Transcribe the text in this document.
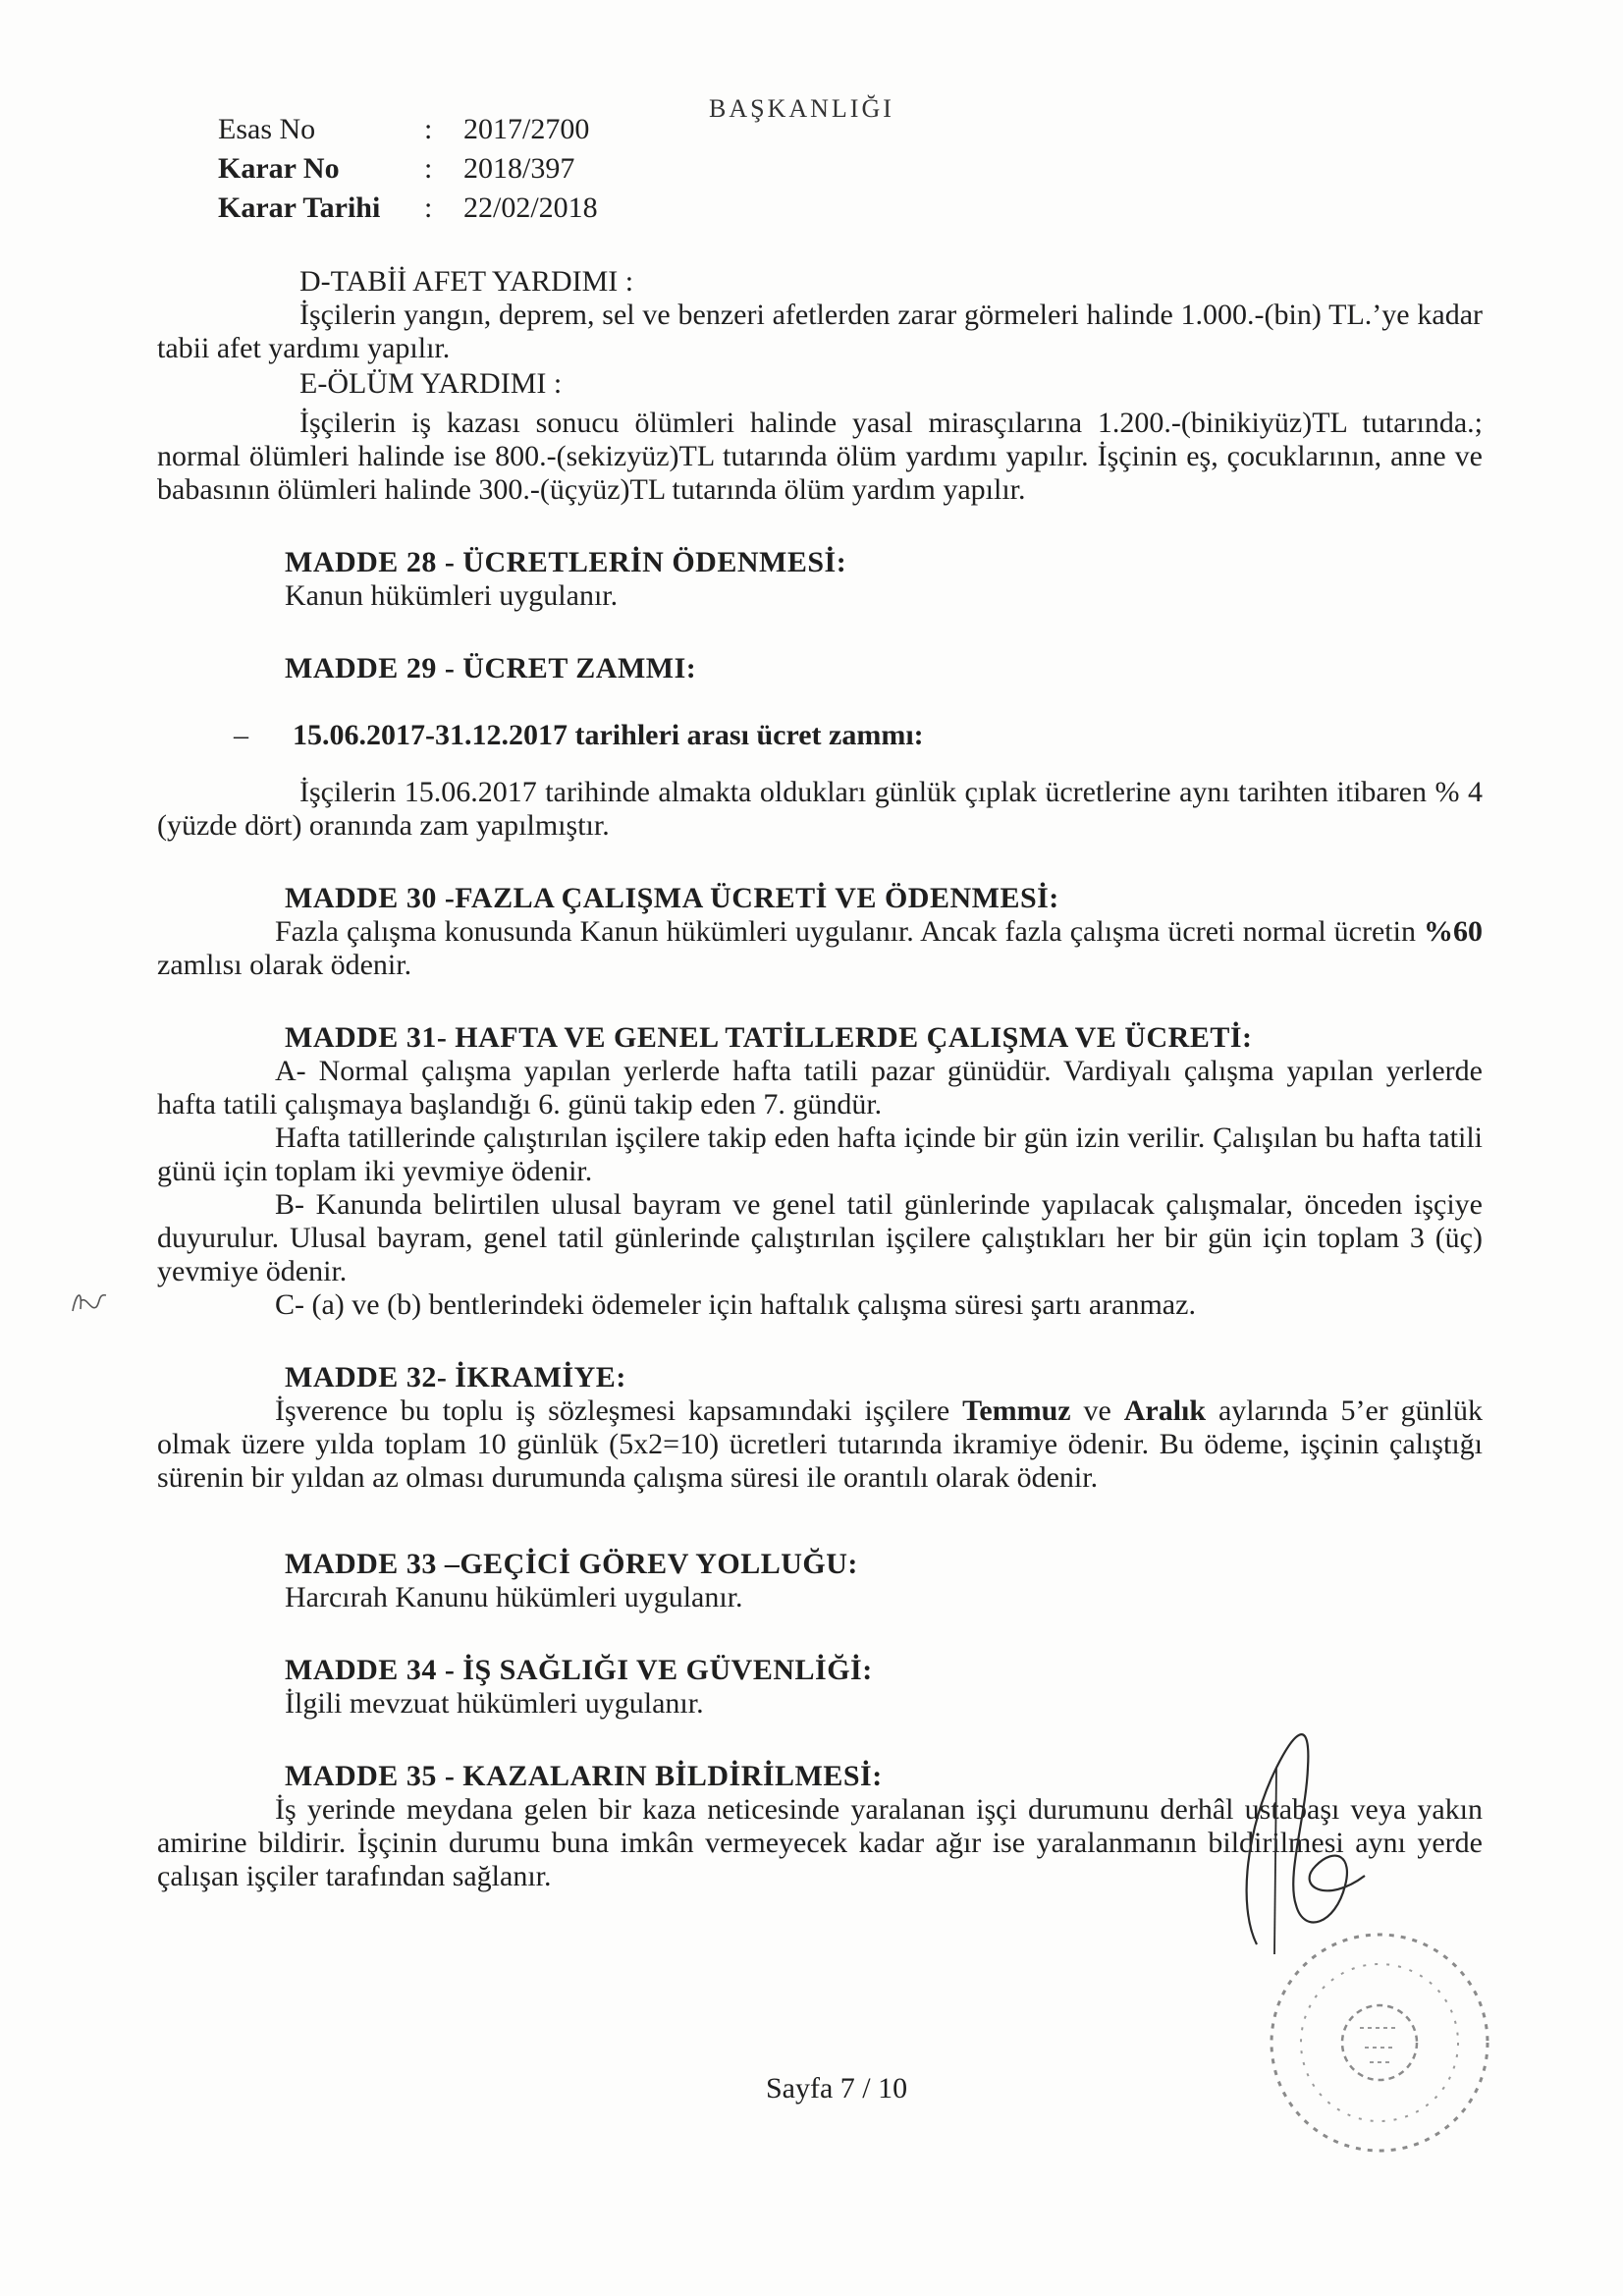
BAŞKANLIĞI
Esas No	:	2017/2700
Karar No	:	2018/397
Karar Tarihi	:	22/02/2018
D-TABİİ AFET YARDIMI :

İşçilerin yangın, deprem, sel ve benzeri afetlerden zarar görmeleri halinde 1.000.-(bin) TL.’ye kadar tabii afet yardımı yapılır.

E-ÖLÜM YARDIMI :

İşçilerin iş kazası sonucu ölümleri halinde yasal mirasçılarına 1.200.-(binikiyüz)TL tutarında.; normal ölümleri halinde ise 800.-(sekizyüz)TL tutarında ölüm yardımı yapılır. İşçinin eş, çocuklarının, anne ve babasının ölümleri halinde 300.-(üçyüz)TL tutarında ölüm yardım yapılır.

MADDE 28 - ÜCRETLERİN ÖDENMESİ:
Kanun hükümleri uygulanır.
MADDE 29 - ÜCRET ZAMMI:
–	15.06.2017-31.12.2017 tarihleri arası ücret zammı:

İşçilerin 15.06.2017 tarihinde almakta oldukları günlük çıplak ücretlerine aynı tarihten itibaren % 4 (yüzde dört) oranında zam yapılmıştır.

MADDE 30 -FAZLA ÇALIŞMA ÜCRETİ VE ÖDENMESİ:

Fazla çalışma konusunda Kanun hükümleri uygulanır. Ancak fazla çalışma ücreti normal ücretin %60 zamlısı olarak ödenir.

MADDE 31- HAFTA VE GENEL TATİLLERDE ÇALIŞMA VE ÜCRETİ:

A- Normal çalışma yapılan yerlerde hafta tatili pazar günüdür. Vardiyalı çalışma yapılan yerlerde hafta tatili çalışmaya başlandığı 6. günü takip eden 7. gündür.

Hafta tatillerinde çalıştırılan işçilere takip eden hafta içinde bir gün izin verilir. Çalışılan bu hafta tatili günü için toplam iki yevmiye ödenir.

B- Kanunda belirtilen ulusal bayram ve genel tatil günlerinde yapılacak çalışmalar, önceden işçiye duyurulur. Ulusal bayram, genel tatil günlerinde çalıştırılan işçilere çalıştıkları her bir gün için toplam 3 (üç) yevmiye ödenir.

C- (a) ve (b) bentlerindeki ödemeler için haftalık çalışma süresi şartı aranmaz.

MADDE 32- İKRAMİYE:

İşverence bu toplu iş sözleşmesi kapsamındaki işçilere Temmuz ve Aralık aylarında 5’er günlük olmak üzere yılda toplam 10 günlük (5x2=10) ücretleri tutarında ikramiye ödenir. Bu ödeme, işçinin çalıştığı sürenin bir yıldan az olması durumunda çalışma süresi ile orantılı olarak ödenir.

MADDE 33 –GEÇİCİ GÖREV YOLLUĞU:
Harcırah Kanunu hükümleri uygulanır.
MADDE 34 - İŞ SAĞLIĞI VE GÜVENLİĞİ:
İlgili mevzuat hükümleri uygulanır.
MADDE 35 - KAZALARIN BİLDİRİLMESİ:

İş yerinde meydana gelen bir kaza neticesinde yaralanan işçi durumunu derhâl ustabaşı veya yakın amirine bildirir. İşçinin durumu buna imkân vermeyecek kadar ağır ise yaralanmanın bildirilmesi aynı yerde çalışan işçiler tarafından sağlanır.

Sayfa 7 / 10
